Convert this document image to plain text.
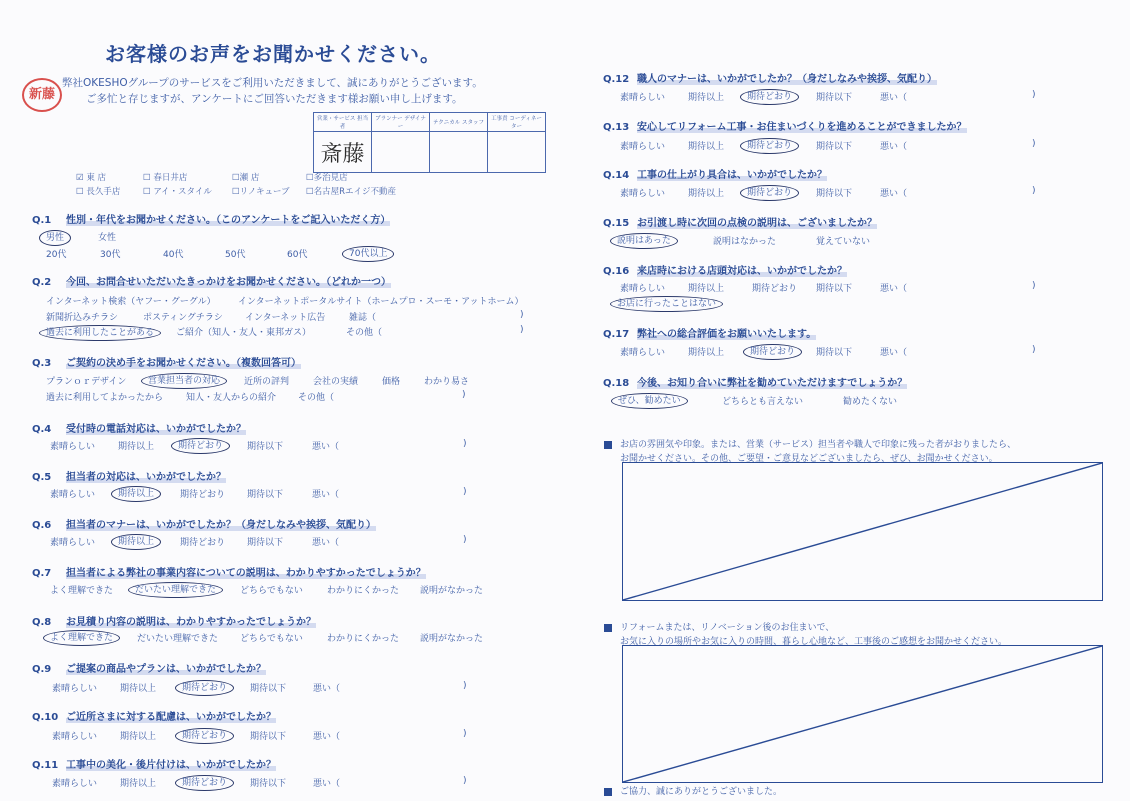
お客様のお声をお聞かせください。
新藤
弊社OKESHOグループのサービスをご利用いただきまして、誠にありがとうございます。
ご多忙と存じますが、アンケートにご回答いただきます様お願い申し上げます。
営業・サービス 担当者	プランナー デザイナー	テクニカル スタッフ	工事責 コーディネーター
斎藤			
☑ 東 店	☐ 春日井店	☐瀬 店	☐多治見店
☐ 長久手店	☐ アイ・スタイル ☐リノキューブ ☐名古屋Rエイジ不動産
Q.1 性別・年代をお聞かせください。（このアンケートをご記入いただく方）
男性	女性
20代	30代	40代	50代	60代	70代以上
Q.2 今回、お問合せいただいたきっかけをお聞かせください。（どれか一つ）
インターネット検索（ヤフー・グーグル） インターネットポータルサイト（ホームプロ・スーモ・アットホーム）
新聞折込みチラシ	ポスティングチラシ インターネット広告	雑誌（	)
過去に利用したことがある	ご紹介（知人・友人・東邦ガス）	その他（	)
Q.3 ご契約の決め手をお聞かせください。（複数回答可）
プランｏｒデザイン 営業担当者の対応	近所の評判	会社の実績	価格	わかり易さ
過去に利用してよかったから	知人・友人からの紹介 その他（	)
Q.4 受付時の電話対応は、いかがでしたか？
素晴らしい	期待以上	期待どおり	期待以下	悪い（	)
Q.5 担当者の対応は、いかがでしたか？
素晴らしい	期待以上	期待どおり 期待以下	悪い（	)
Q.6 担当者のマナーは、いかがでしたか？（身だしなみや挨拶、気配り）
素晴らしい	期待以上	期待どおり 期待以下	悪い（	)
Q.7 担当者による弊社の事業内容についての説明は、わかりやすかったでしょうか？
よく理解できた だいたい理解できた	どちらでもない	わかりにくかった 説明がなかった
Q.8 お見積り内容の説明は、わかりやすかったでしょうか？
よく理解できた	だいたい理解できた どちらでもない	わかりにくかった 説明がなかった
Q.9 ご提案の商品やプランは、いかがでしたか？
素晴らしい	期待以上	期待どおり	期待以下	悪い（	)
Q.10 ご近所さまに対する配慮は、いかがでしたか？
素晴らしい	期待以上	期待どおり	期待以下	悪い（	)
Q.11 工事中の美化・後片付けは、いかがでしたか？
素晴らしい	期待以上	期待どおり	期待以下	悪い（	)
Q.12 職人のマナーは、いかがでしたか？（身だしなみや挨拶、気配り）
素晴らしい	期待以上	期待どおり	期待以下	悪い（	)
Q.13 安心してリフォーム工事・お住まいづくりを進めることができましたか？
素晴らしい	期待以上	期待どおり	期待以下	悪い（	)
Q.14 工事の仕上がり具合は、いかがでしたか？
素晴らしい	期待以上	期待どおり	期待以下	悪い（	)
Q.15 お引渡し時に次回の点検の説明は、ございましたか？
説明はあった	説明はなかった	覚えていない
Q.16 来店時における店頭対応は、いかがでしたか？
素晴らしい	期待以上	期待どおり 期待以下	悪い（	)
お店に行ったことはない
Q.17 弊社への総合評価をお願いいたします。
素晴らしい	期待以上	期待どおり	期待以下	悪い（	)
Q.18 今後、お知り合いに弊社を勧めていただけますでしょうか？
ぜひ、勧めたい	どちらとも言えない	勧めたくない
お店の雰囲気や印象。または、営業（サービス）担当者や職人で印象に残った者がおりましたら、
お聞かせください。その他、ご要望・ご意見などございましたら、ぜひ、お聞かせください。
リフォームまたは、リノベーション後のお住まいで、
お気に入りの場所やお気に入りの時間、暮らし心地など、工事後のご感想をお聞かせください。
ご協力、誠にありがとうございました。
